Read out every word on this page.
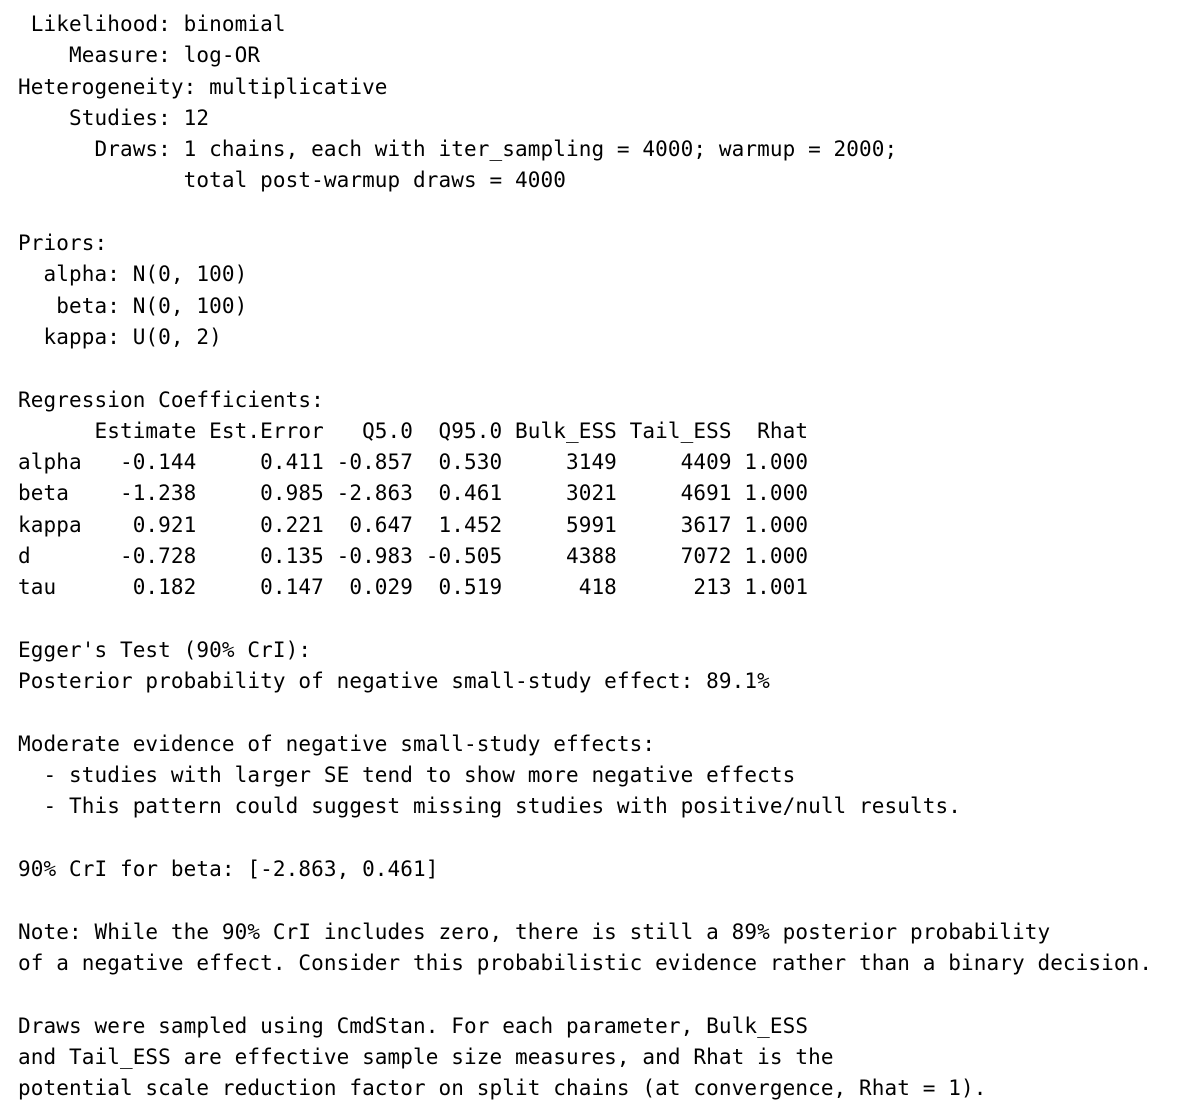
Likelihood: binomial
Measure: log-OR
Heterogeneity: multiplicative
Studies: 12
Draws: 1 chains, each with iter_sampling = 4000; warmup = 2000;
total post-warmup draws = 4000
Priors:
alpha: N(0, 100)
beta: N(0, 100)
kappa: U(0, 2)
Regression Coefficients:
Estimate Est.Error   Q5.0  Q95.0 Bulk_ESS Tail_ESS  Rhat
alpha   -0.144     0.411 -0.857  0.530     3149     4409 1.000
beta    -1.238     0.985 -2.863  0.461     3021     4691 1.000
kappa    0.921     0.221  0.647  1.452     5991     3617 1.000
d       -0.728     0.135 -0.983 -0.505     4388     7072 1.000
tau      0.182     0.147  0.029  0.519      418      213 1.001
Egger's Test (90% CrI):
Posterior probability of negative small-study effect: 89.1%
Moderate evidence of negative small-study effects:
- studies with larger SE tend to show more negative effects
- This pattern could suggest missing studies with positive/null results.
90% CrI for beta: [-2.863, 0.461]
Note: While the 90% CrI includes zero, there is still a 89% posterior probability
of a negative effect. Consider this probabilistic evidence rather than a binary decision.
Draws were sampled using CmdStan. For each parameter, Bulk_ESS
and Tail_ESS are effective sample size measures, and Rhat is the
potential scale reduction factor on split chains (at convergence, Rhat = 1).
